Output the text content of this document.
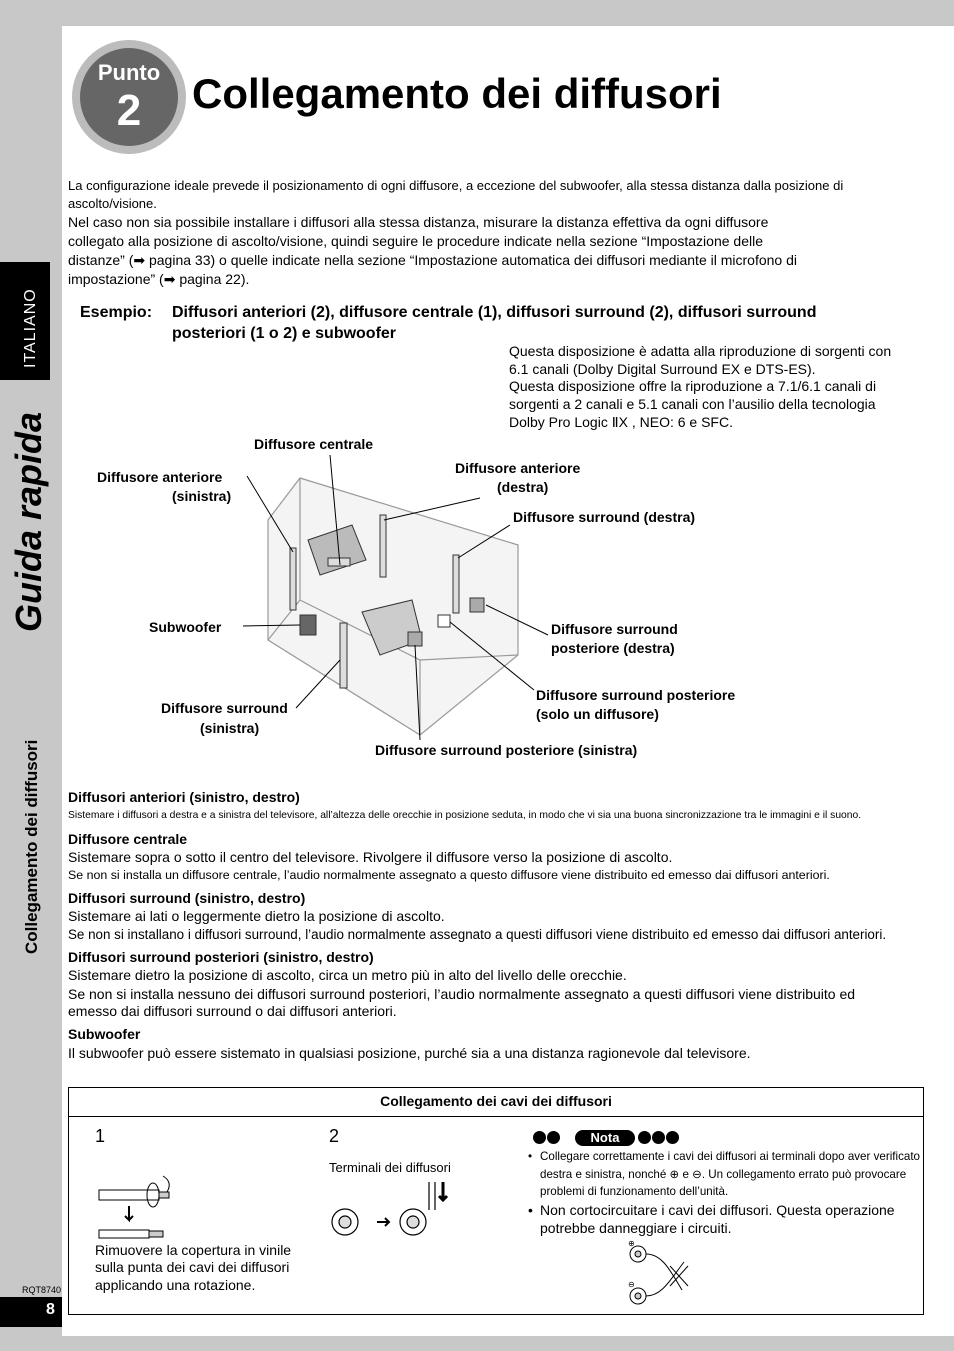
ITALIANO
Guida rapida
Collegamento dei diffusori
RQT8740
8
Punto
2	Collegamento dei diffusori
La configurazione ideale prevede il posizionamento di ogni diffusore, a eccezione del subwoofer, alla stessa distanza dalla posizione di
ascolto/visione.
Nel caso non sia possibile installare i diffusori alla stessa distanza, misurare la distanza effettiva da ogni diffusore
collegato alla posizione di ascolto/visione, quindi seguire le procedure indicate nella sezione “Impostazione delle
distanze” (➡ pagina 33) o quelle indicate nella sezione “Impostazione automatica dei diffusori mediante il microfono di
impostazione” (➡ pagina 22).
Esempio: Diffusori anteriori (2), diffusore centrale (1), diffusori surround (2), diffusori surround
posteriori (1 o 2) e subwoofer
Questa disposizione è adatta alla riproduzione di sorgenti con
6.1 canali (Dolby Digital Surround EX e DTS-ES).
Questa disposizione offre la riproduzione a 7.1/6.1 canali di
sorgenti a 2 canali e 5.1 canali con l’ausilio della tecnologia
Dolby Pro Logic ⅡX , NEO: 6 e SFC.
Diffusore centrale
Diffusore anteriore
(sinistra)
Diffusore anteriore
(destra)
Diffusore surround (destra)
Subwoofer	Diffusore surround
posteriore (destra)
Diffusore surround posteriore
(solo un diffusore)
Diffusore surround
(sinistra)
Diffusore surround posteriore (sinistra)
Diffusori anteriori (sinistro, destro)
Sistemare i diffusori a destra e a sinistra del televisore, all’altezza delle orecchie in posizione seduta, in modo che vi sia una buona sincronizzazione tra le immagini e il suono.
Diffusore centrale
Sistemare sopra o sotto il centro del televisore. Rivolgere il diffusore verso la posizione di ascolto.
Se non si installa un diffusore centrale, l’audio normalmente assegnato a questo diffusore viene distribuito ed emesso dai diffusori anteriori.
Diffusori surround (sinistro, destro)
Sistemare ai lati o leggermente dietro la posizione di ascolto.
Se non si installano i diffusori surround, l’audio normalmente assegnato a questi diffusori viene distribuito ed emesso dai diffusori anteriori.
Diffusori surround posteriori (sinistro, destro)
Sistemare dietro la posizione di ascolto, circa un metro più in alto del livello delle orecchie.
Se non si installa nessuno dei diffusori surround posteriori, l’audio normalmente assegnato a questi diffusori viene distribuito ed
emesso dai diffusori surround o dai diffusori anteriori.
Subwoofer
Il subwoofer può essere sistemato in qualsiasi posizione, purché sia a una distanza ragionevole dal televisore.
Collegamento dei cavi dei diffusori
1
Rimuovere la copertura in vinile
sulla punta dei cavi dei diffusori
applicando una rotazione.
2
Terminali dei diffusori
Nota
• Collegare correttamente i cavi dei diffusori ai terminali dopo aver verificato
destra e sinistra, nonché ⊕ e ⊖. Un collegamento errato può provocare
problemi di funzionamento dell’unità.
• Non cortocircuitare i cavi dei diffusori. Questa operazione
potrebbe danneggiare i circuiti.
⊕
⊖
